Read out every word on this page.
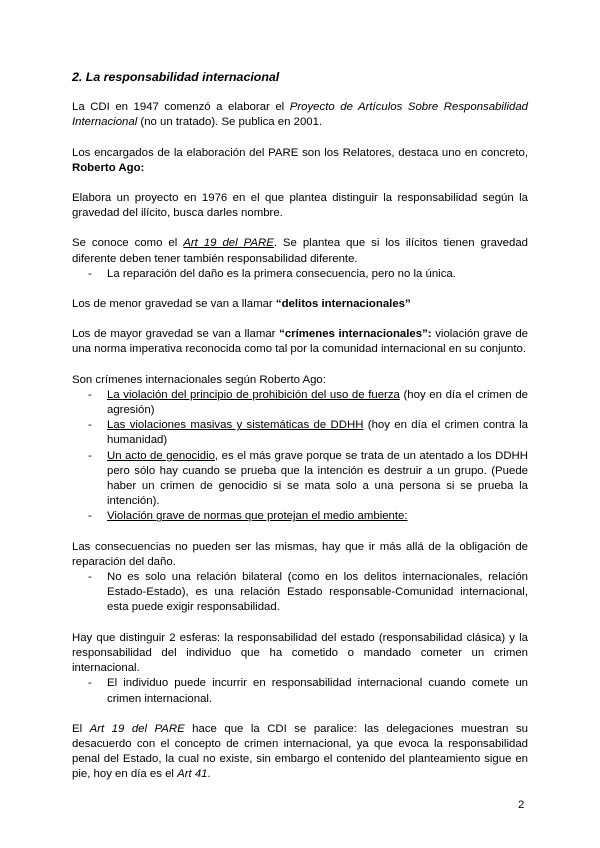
2. La responsabilidad internacional

La CDI en 1947 comenzó a elaborar el Proyecto de Artículos Sobre Responsabilidad Internacional (no un tratado). Se publica en 2001.

Los encargados de la elaboración del PARE son los Relatores, destaca uno en concreto, Roberto Ago:

Elabora un proyecto en 1976 en el que plantea distinguir la responsabilidad según la gravedad del ilícito, busca darles nombre.

Se conoce como el Art 19 del PARE. Se plantea que si los ilícitos tienen gravedad diferente deben tener también responsabilidad diferente.

- La reparación del daño es la primera consecuencia, pero no la única.

Los de menor gravedad se van a llamar “delitos internacionales”

Los de mayor gravedad se van a llamar “crímenes internacionales”: violación grave de una norma imperativa reconocida como tal por la comunidad internacional en su conjunto.

Son crímenes internacionales según Roberto Ago:

- La violación del principio de prohibición del uso de fuerza (hoy en día el crimen de agresión)
- Las violaciones masivas y sistemáticas de DDHH (hoy en día el crimen contra la humanidad)
- Un acto de genocidio, es el más grave porque se trata de un atentado a los DDHH pero sólo hay cuando se prueba que la intención es destruir a un grupo. (Puede haber un crimen de genocidio si se mata solo a una persona si se prueba la intención).
- Violación grave de normas que protejan el medio ambiente:

Las consecuencias no pueden ser las mismas, hay que ir más allá de la obligación de reparación del daño.

- No es solo una relación bilateral (como en los delitos internacionales, relación Estado-Estado), es una relación Estado responsable-Comunidad internacional, esta puede exigir responsabilidad.

Hay que distinguir 2 esferas: la responsabilidad del estado (responsabilidad clásica) y la responsabilidad del individuo que ha cometido o mandado cometer un crimen internacional.

- El individuo puede incurrir en responsabilidad internacional cuando comete un crimen internacional.

El Art 19 del PARE hace que la CDI se paralice: las delegaciones muestran su desacuerdo con el concepto de crimen internacional, ya que evoca la responsabilidad penal del Estado, la cual no existe, sin embargo el contenido del planteamiento sigue en pie, hoy en día es el Art 41.

2
